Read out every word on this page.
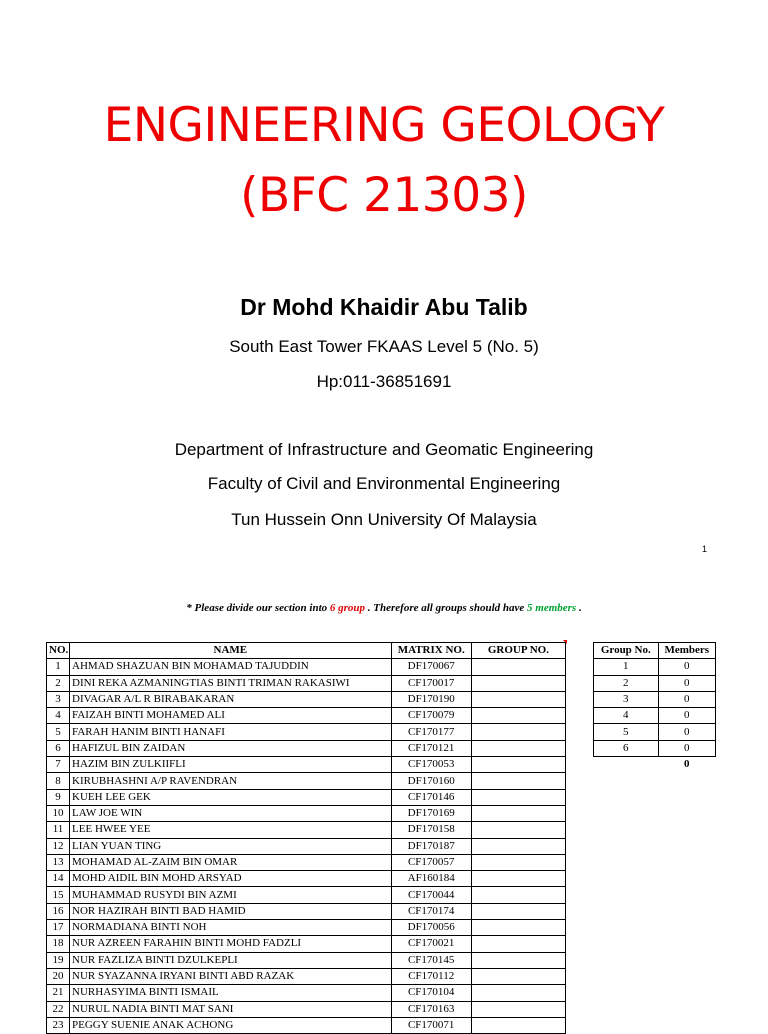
ENGINEERING GEOLOGY
(BFC 21303)
Dr Mohd Khaidir Abu Talib
South East Tower FKAAS Level 5 (No. 5)
Hp:011-36851691
Department of Infrastructure and Geomatic Engineering
Faculty of Civil and Environmental Engineering
Tun Hussein Onn University Of Malaysia
1
* Please divide our section into 6 group . Therefore all groups should have 5 members .
NO.	NAME	MATRIX NO.	GROUP NO.
1	AHMAD SHAZUAN BIN MOHAMAD TAJUDDIN	DF170067	
2	DINI REKA AZMANINGTIAS BINTI TRIMAN RAKASIWI	CF170017	
3	DIVAGAR A/L R BIRABAKARAN	DF170190	
4	FAIZAH BINTI MOHAMED ALI	CF170079	
5	FARAH HANIM BINTI HANAFI	CF170177	
6	HAFIZUL BIN ZAIDAN	CF170121	
7	HAZIM BIN ZULKIIFLI	CF170053	
8	KIRUBHASHNI A/P RAVENDRAN	DF170160	
9	KUEH LEE GEK	CF170146	
10	LAW JOE WIN	DF170169	
11	LEE HWEE YEE	DF170158	
12	LIAN YUAN TING	DF170187	
13	MOHAMAD AL-ZAIM BIN OMAR	CF170057	
14	MOHD AIDIL BIN MOHD ARSYAD	AF160184	
15	MUHAMMAD RUSYDI BIN AZMI	CF170044	
16	NOR HAZIRAH BINTI BAD HAMID	CF170174	
17	NORMADIANA BINTI NOH	DF170056	
18	NUR AZREEN FARAHIN BINTI MOHD FADZLI	CF170021	
19	NUR FAZLIZA BINTI DZULKEPLI	CF170145	
20	NUR SYAZANNA IRYANI BINTI ABD RAZAK	CF170112	
21	NURHASYIMA BINTI ISMAIL	CF170104	
22	NURUL NADIA BINTI MAT SANI	CF170163	
23	PEGGY SUENIE ANAK ACHONG	CF170071	
Group No.	Members
1	0
2	0
3	0
4	0
5	0
6	0
	0
